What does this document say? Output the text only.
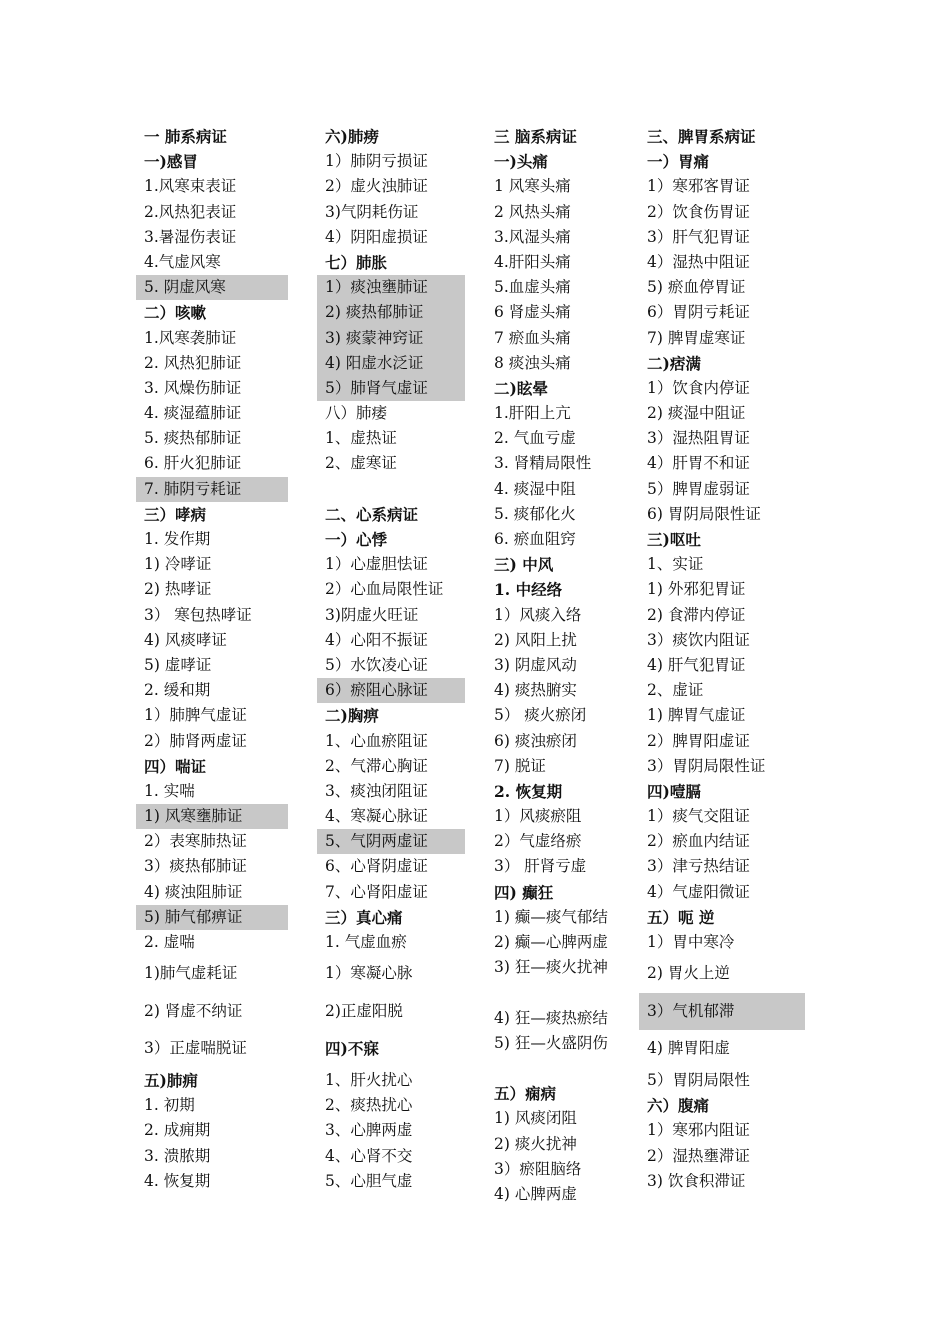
一 肺系病证
一)感冒
1.风寒束表证
2.风热犯表证
3.暑湿伤表证
4.气虚风寒
5. 阴虚风寒
二）咳嗽
1.风寒袭肺证
2. 风热犯肺证
3. 风燥伤肺证
4. 痰湿蕴肺证
5. 痰热郁肺证
6. 肝火犯肺证
7. 肺阴亏耗证
三）哮病
1. 发作期
1) 冷哮证
2) 热哮证
3） 寒包热哮证
4) 风痰哮证
5) 虚哮证
2. 缓和期
1）肺脾气虚证
2）肺肾两虚证
四）喘证
1. 实喘
1) 风寒壅肺证
2）表寒肺热证
3）痰热郁肺证
4) 痰浊阻肺证
5) 肺气郁痹证
2. 虚喘
1)肺气虚耗证
2) 肾虚不纳证
3）正虚喘脱证
五)肺痈
1. 初期
2. 成痈期
3. 溃脓期
4. 恢复期
六)肺痨
1）肺阴亏损证
2）虚火浊肺证
3)气阴耗伤证
4）阴阳虚损证
七）肺胀
1）痰浊壅肺证
2) 痰热郁肺证
3) 痰蒙神窍证
4) 阳虚水泛证
5）肺肾气虚证
八）肺痿
1、虚热证
2、虚寒证
二、心系病证
一）心悸
1）心虚胆怯证
2）心血局限性证
3)阴虚火旺证
4）心阳不振证
5）水饮凌心证
6）瘀阻心脉证
二)胸痹
1、心血瘀阻证
2、气滞心胸证
3、痰浊闭阻证
4、寒凝心脉证
5、气阴两虚证
6、心肾阴虚证
7、心肾阳虚证
三）真心痛
1. 气虚血瘀
1）寒凝心脉
2)正虚阳脱
四)不寐
1、肝火扰心
2、痰热扰心
3、心脾两虚
4、心肾不交
5、心胆气虚
三 脑系病证
一)头痛
1 风寒头痛
2 风热头痛
3.风湿头痛
4.肝阳头痛
5.血虚头痛
6 肾虚头痛
7 瘀血头痛
8 痰浊头痛
二)眩晕
1.肝阳上亢
2. 气血亏虚
3. 肾精局限性
4. 痰湿中阻
5. 痰郁化火
6. 瘀血阻窍
三) 中风
1. 中经络
1）风痰入络
2) 风阳上扰
3) 阴虚风动
4) 痰热腑实
5） 痰火瘀闭
6) 痰浊瘀闭
7) 脱证
2. 恢复期
1）风痰瘀阻
2）气虚络瘀
3） 肝肾亏虚
四) 癫狂
1) 癫—痰气郁结
2) 癫—心脾两虚
3) 狂—痰火扰神
4) 狂—痰热瘀结
5) 狂—火盛阴伤
五）痫病
1) 风痰闭阻
2) 痰火扰神
3）瘀阻脑络
4) 心脾两虚
三、脾胃系病证
一）胃痛
1）寒邪客胃证
2）饮食伤胃证
3）肝气犯胃证
4）湿热中阻证
5) 瘀血停胃证
6）胃阴亏耗证
7) 脾胃虚寒证
二)痞满
1）饮食内停证
2) 痰湿中阻证
3）湿热阻胃证
4）肝胃不和证
5）脾胃虚弱证
6) 胃阴局限性证
三)呕吐
1、实证
1) 外邪犯胃证
2) 食滞内停证
3）痰饮内阻证
4) 肝气犯胃证
2、虚证
1) 脾胃气虚证
2）脾胃阳虚证
3）胃阴局限性证
四)噎膈
1）痰气交阻证
2）瘀血内结证
3）津亏热结证
4）气虚阳微证
五）呃 逆
1）胃中寒冷
2) 胃火上逆
3）气机郁滞
4) 脾胃阳虚
5）胃阴局限性
六）腹痛
1）寒邪内阻证
2）湿热壅滞证
3) 饮食积滞证
